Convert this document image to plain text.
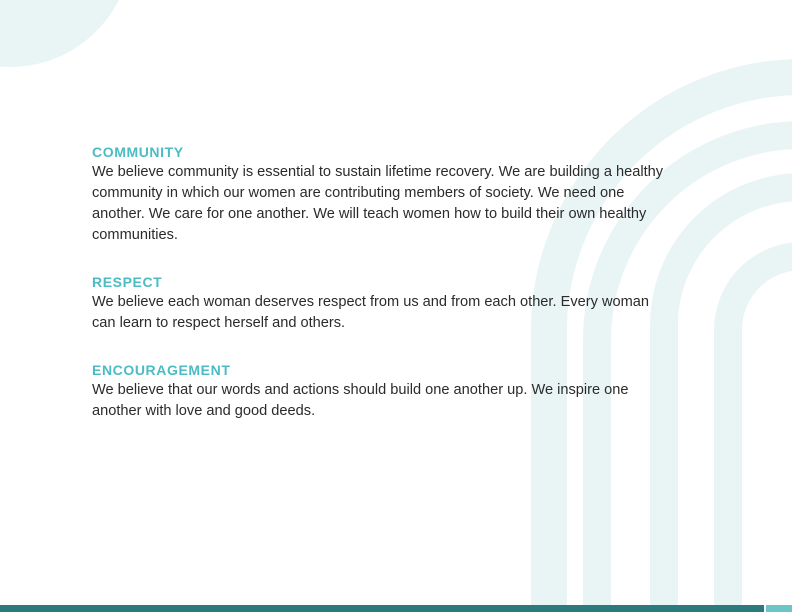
COMMUNITY

We believe community is essential to sustain lifetime recovery. We are building a healthy community in which our women are contributing members of society. We need one another. We care for one another. We will teach women how to build their own healthy communities.

RESPECT

We believe each woman deserves respect from us and from each other. Every woman can learn to respect herself and others.

ENCOURAGEMENT

We believe that our words and actions should build one another up. We inspire one another with love and good deeds.
